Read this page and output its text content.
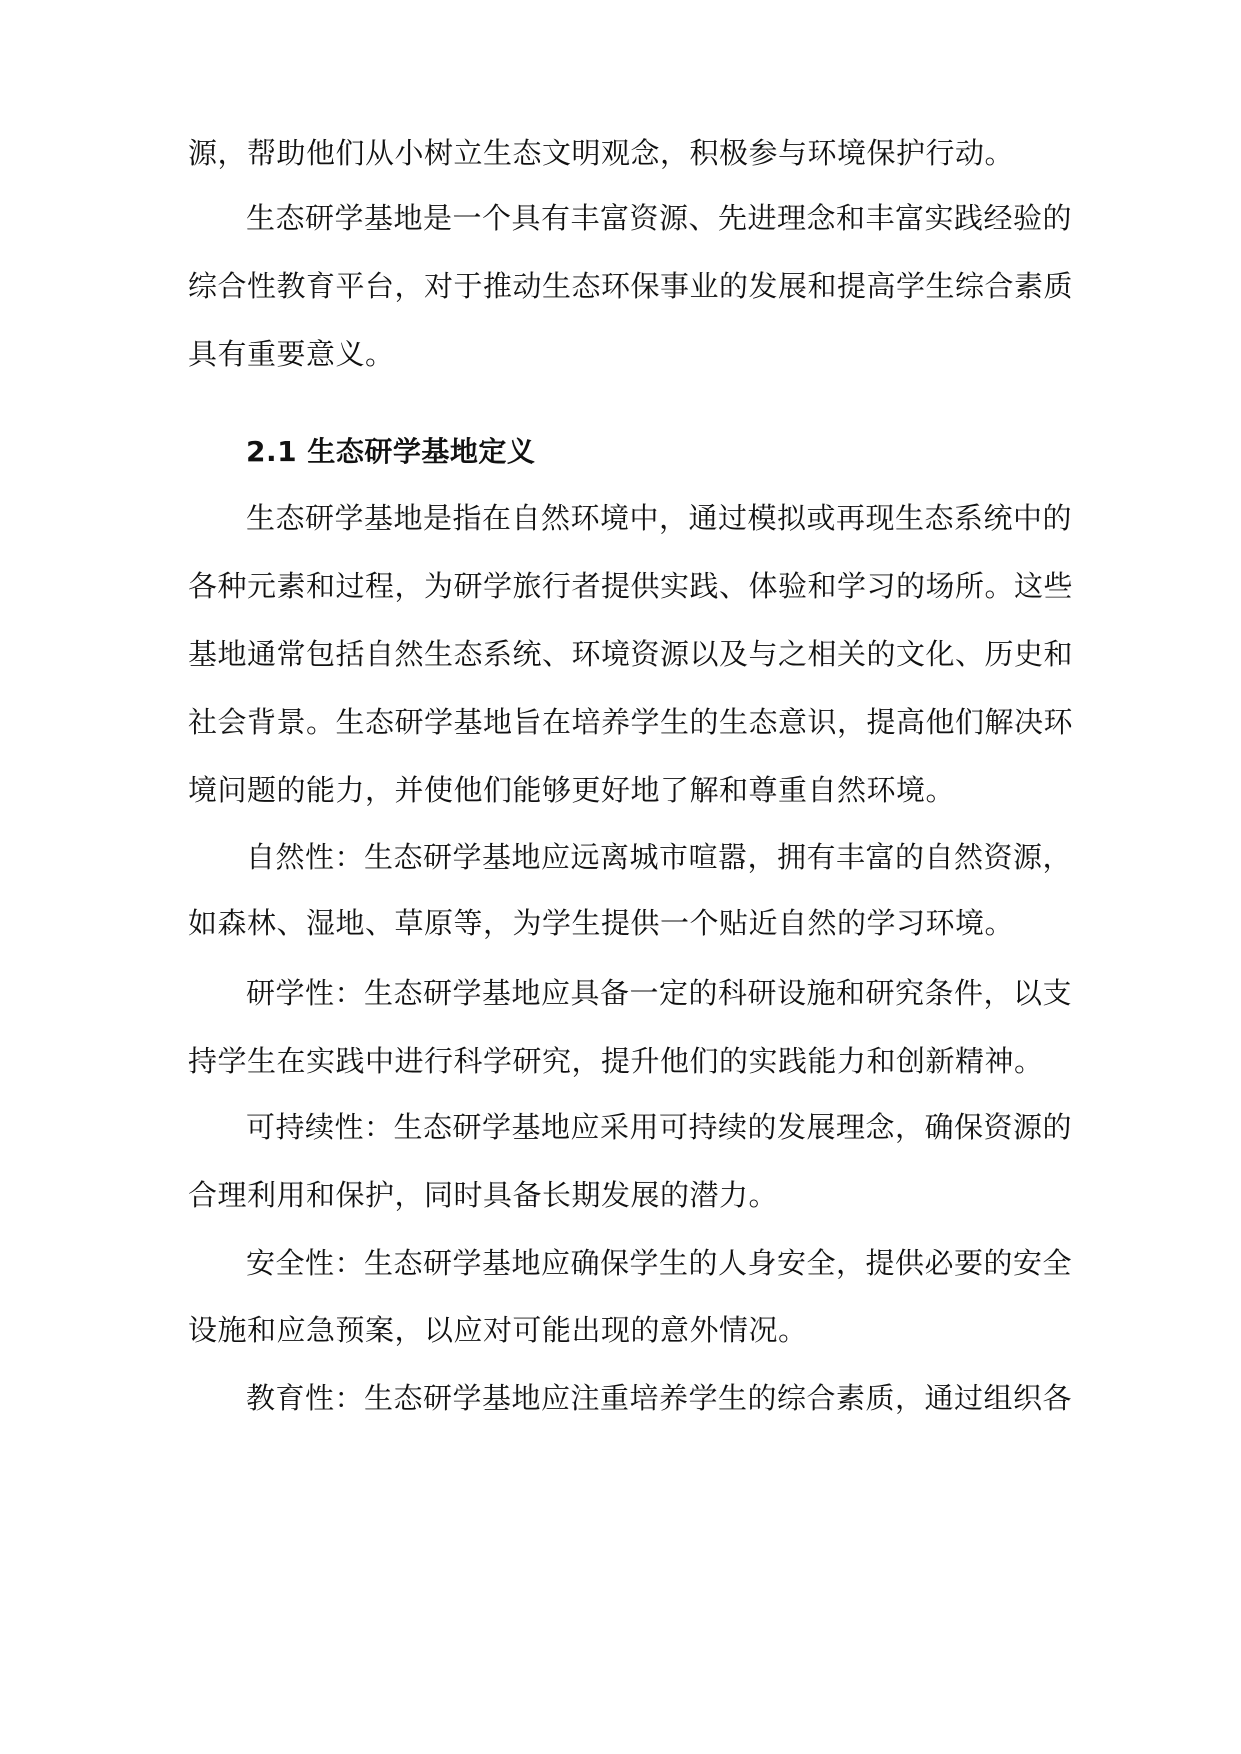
源，帮助他们从小树立生态文明观念，积极参与环境保护行动。
生态研学基地是一个具有丰富资源、先进理念和丰富实践经验的
综合性教育平台，对于推动生态环保事业的发展和提高学生综合素质
具有重要意义。
2.1 生态研学基地定义
生态研学基地是指在自然环境中，通过模拟或再现生态系统中的
各种元素和过程，为研学旅行者提供实践、体验和学习的场所。这些
基地通常包括自然生态系统、环境资源以及与之相关的文化、历史和
社会背景。生态研学基地旨在培养学生的生态意识，提高他们解决环
境问题的能力，并使他们能够更好地了解和尊重自然环境。
自然性：生态研学基地应远离城市喧嚣，拥有丰富的自然资源，
如森林、湿地、草原等，为学生提供一个贴近自然的学习环境。
研学性：生态研学基地应具备一定的科研设施和研究条件，以支
持学生在实践中进行科学研究，提升他们的实践能力和创新精神。
可持续性：生态研学基地应采用可持续的发展理念，确保资源的
合理利用和保护，同时具备长期发展的潜力。
安全性：生态研学基地应确保学生的人身安全，提供必要的安全
设施和应急预案，以应对可能出现的意外情况。
教育性：生态研学基地应注重培养学生的综合素质，通过组织各
